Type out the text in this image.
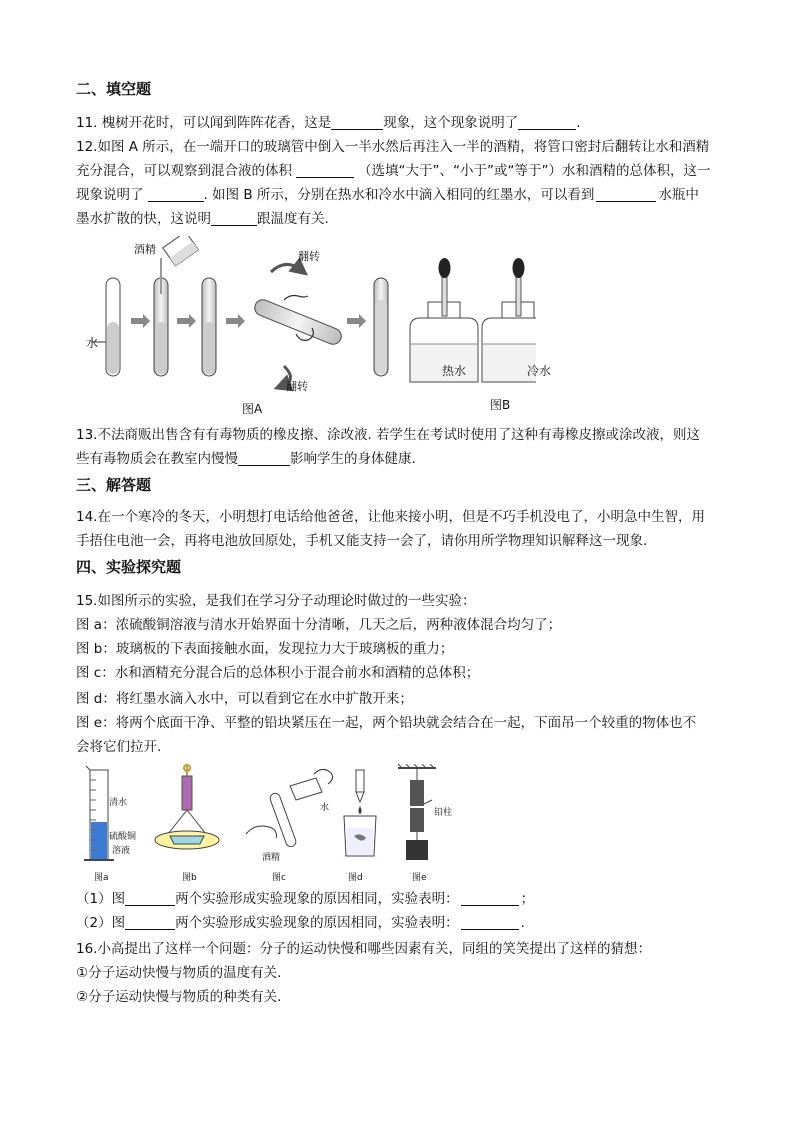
二、填空题
11. 槐树开花时，可以闻到阵阵花香，这是	现象，这个现象说明了	.
12.如图 A 所示，在一端开口的玻璃管中倒入一半水然后再注入一半的酒精，将管口密封后翻转让水和酒精
充分混合，可以观察到混合液的体积	（选填“大于”、“小于”或“等于”）水和酒精的总体积，这一
现象说明了	. 如图 B 所示，分别在热水和冷水中滴入相同的红墨水，可以看到	水瓶中
墨水扩散的快，这说明	跟温度有关.
酒精
水
翻转
翻转
图A
热水	冷水
图B
13.不法商贩出售含有有毒物质的橡皮擦、涂改液. 若学生在考试时使用了这种有毒橡皮擦或涂改液，则这
些有毒物质会在教室内慢慢	影响学生的身体健康.
三、解答题
14.在一个寒冷的冬天，小明想打电话给他爸爸，让他来接小明，但是不巧手机没电了，小明急中生智，用
手捂住电池一会，再将电池放回原处，手机又能支持一会了，请你用所学物理知识解释这一现象.
四、实验探究题
15.如图所示的实验，是我们在学习分子动理论时做过的一些实验：
图 a：浓硫酸铜溶液与清水开始界面十分清晰，几天之后，两种液体混合均匀了；
图 b：玻璃板的下表面接触水面，发现拉力大于玻璃板的重力；
图 c：水和酒精充分混合后的总体积小于混合前水和酒精的总体积；
图 d：将红墨水滴入水中，可以看到它在水中扩散开来；
图 e：将两个底面干净、平整的铅块紧压在一起，两个铅块就会结合在一起，下面吊一个较重的物体也不
会将它们拉开.
清水
硫酸铜
溶液
图a	图b
酒精
图c
水
图d
铅柱
图e
（1）图	两个实验形成实验现象的原因相同，实验表明：	；
（2）图	两个实验形成实验现象的原因相同，实验表明：	.
16.小高提出了这样一个问题：分子的运动快慢和哪些因素有关，同组的笑笑提出了这样的猜想：
①分子运动快慢与物质的温度有关.
②分子运动快慢与物质的种类有关.
